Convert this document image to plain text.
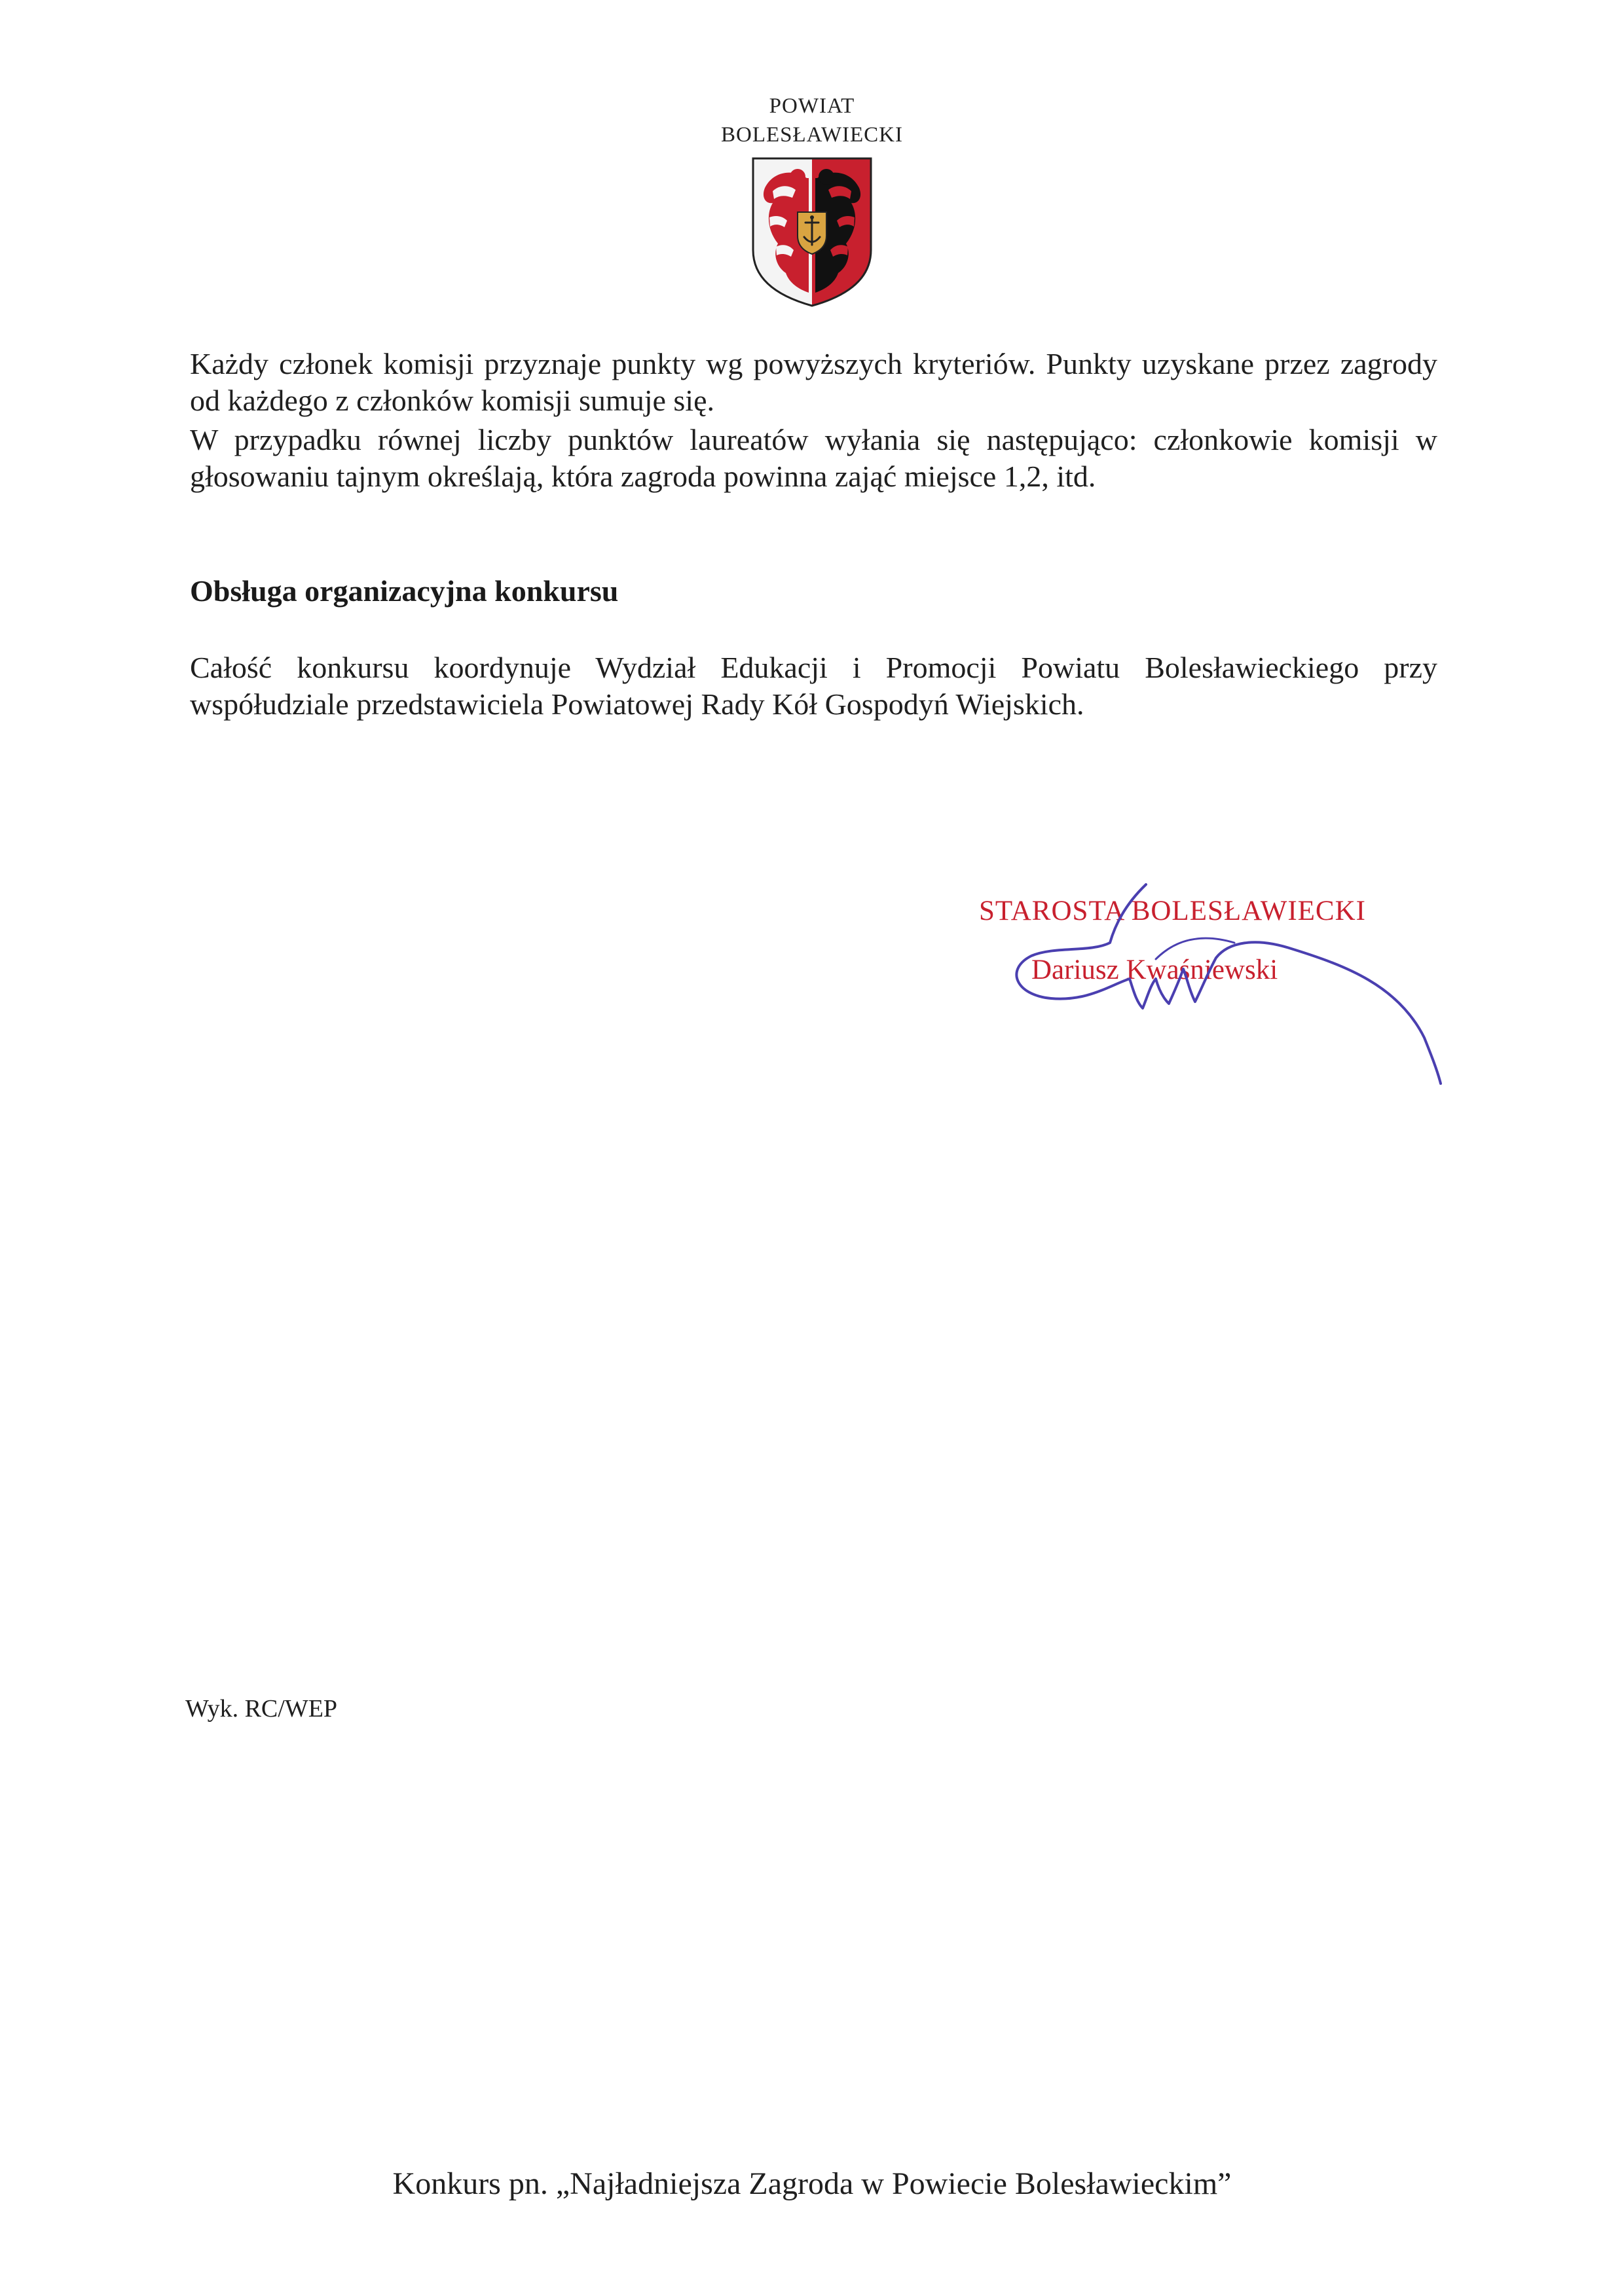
POWIAT
BOLESŁAWIECKI
Każdy członek komisji przyznaje punkty wg powyższych kryteriów. Punkty uzyskane przez zagrody od każdego z członków komisji sumuje się.
W przypadku równej liczby punktów laureatów wyłania się następująco: członkowie komisji w głosowaniu tajnym określają, która zagroda powinna zająć miejsce 1,2, itd.
Obsługa organizacyjna konkursu
Całość konkursu koordynuje Wydział Edukacji i Promocji Powiatu Bolesławieckiego przy współudziale przedstawiciela Powiatowej Rady Kół Gospodyń Wiejskich.
STAROSTA BOLESŁAWIECKI
Dariusz Kwaśniewski
Wyk. RC/WEP
Konkurs pn. „Najładniejsza Zagroda w Powiecie Bolesławieckim”
